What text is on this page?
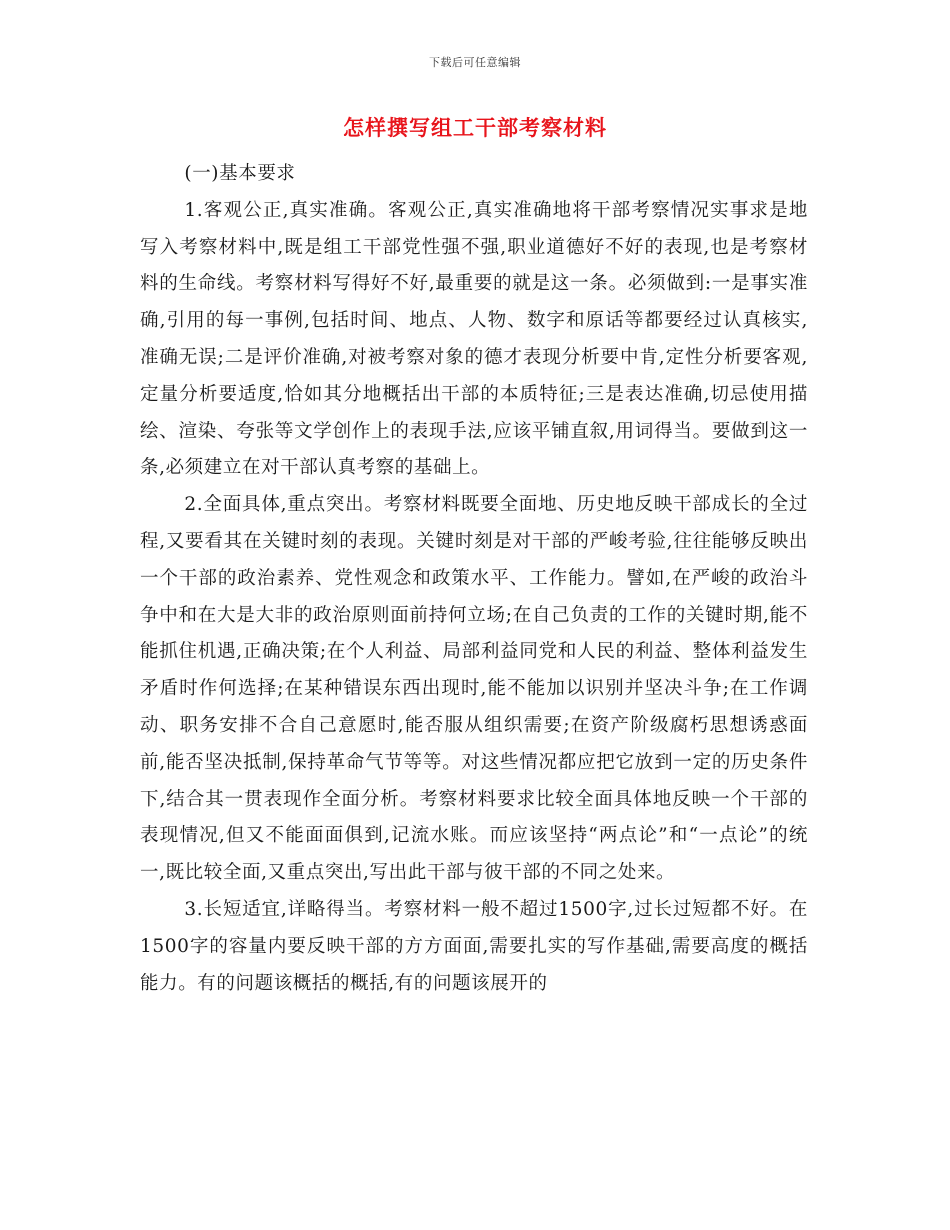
下载后可任意编辑
怎样撰写组工干部考察材料

(一)基本要求

1.客观公正,真实准确。客观公正,真实准确地将干部考察情况实事求是地写入考察材料中,既是组工干部党性强不强,职业道德好不好的表现,也是考察材料的生命线。考察材料写得好不好,最重要的就是这一条。必须做到:一是事实准确,引用的每一事例,包括时间、地点、人物、数字和原话等都要经过认真核实,准确无误;二是评价准确,对被考察对象的德才表现分析要中肯,定性分析要客观,定量分析要适度,恰如其分地概括出干部的本质特征;三是表达准确,切忌使用描绘、渲染、夸张等文学创作上的表现手法,应该平铺直叙,用词得当。要做到这一条,必须建立在对干部认真考察的基础上。

2.全面具体,重点突出。考察材料既要全面地、历史地反映干部成长的全过程,又要看其在关键时刻的表现。关键时刻是对干部的严峻考验,往往能够反映出一个干部的政治素养、党性观念和政策水平、工作能力。譬如,在严峻的政治斗争中和在大是大非的政治原则面前持何立场;在自己负责的工作的关键时期,能不能抓住机遇,正确决策;在个人利益、局部利益同党和人民的利益、整体利益发生矛盾时作何选择;在某种错误东西出现时,能不能加以识别并坚决斗争;在工作调动、职务安排不合自己意愿时,能否服从组织需要;在资产阶级腐朽思想诱惑面前,能否坚决抵制,保持革命气节等等。对这些情况都应把它放到一定的历史条件下,结合其一贯表现作全面分析。考察材料要求比较全面具体地反映一个干部的表现情况,但又不能面面俱到,记流水账。而应该坚持“两点论”和“一点论”的统一,既比较全面,又重点突出,写出此干部与彼干部的不同之处来。

3.长短适宜,详略得当。考察材料一般不超过1500字,过长过短都不好。在1500字的容量内要反映干部的方方面面,需要扎实的写作基础,需要高度的概括能力。有的问题该概括的概括,有的问题该展开的
